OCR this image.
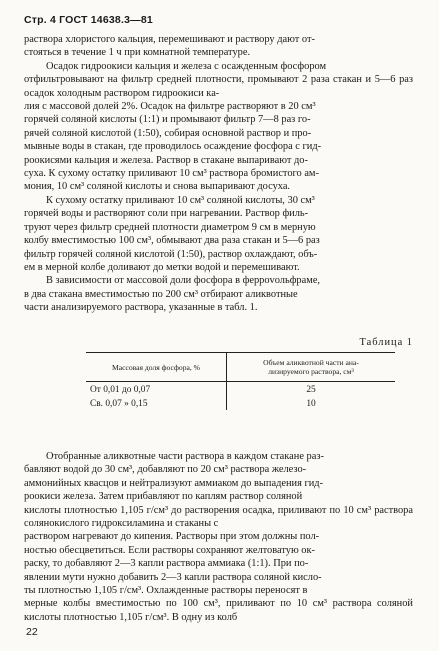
Стр. 4 ГОСТ 14638.3—81

раствора хлористого кальция, перемешивают и раствору дают от-
стояться в течение 1 ч при комнатной температуре.

Осадок гидроокиси кальция и железа с осажденным фосфором
отфильтровывают на фильтр средней плотности, промывают 2 раза стакан и 5—6 раз осадок холодным раствором гидроокиси ка-
лия с массовой долей 2%. Осадок на фильтре растворяют в 20 см³
горячей соляной кислоты (1:1) и промывают фильтр 7—8 раз го-
рячей соляной кислотой (1:50), собирая основной раствор и про-
мывные воды в стакан, где проводилось осаждение фосфора с гид-
роокисями кальция и железа. Раствор в стакане выпаривают до-
суха. К сухому остатку приливают 10 см³ раствора бромистого ам-
мония, 10 см³ соляной кислоты и снова выпаривают досуха.

К сухому остатку приливают 10 см³ соляной кислоты, 30 см³
горячей воды и растворяют соли при нагревании. Раствор филь-
труют через фильтр средней плотности диаметром 9 см в мерную
колбу вместимостью 100 см³, обмывают два раза стакан и 5—6 раз
фильтр горячей соляной кислотой (1:50), раствор охлаждают, объ-
ем в мерной колбе доливают до метки водой и перемешивают.

В зависимости от массовой доли фосфора в феррovольфраме,
в два стакана вместимостью по 200 см³ отбирают аликвотные
части анализируемого раствора, указанные в табл. 1.

Таблица 1
Массовая доля фосфора, %	Объем аликвотной части ана-
лизируемого раствора, см³
От 0,01 до 0,07	25
Св. 0,07 » 0,15	10

Отобранные аликвотные части раствора в каждом стакане раз-
бавляют водой до 30 см³, добавляют по 20 см³ раствора железо-
аммонийных квасцов и нейтрализуют аммиаком до выпадения гид-
роокиси железа. Затем прибавляют по каплям раствор соляной
кислоты плотностью 1,105 г/см³ до растворения осадка, приливают по 10 см³ раствора солянокислого гидроксиламина и стаканы с
раствором нагревают до кипения. Растворы при этом должны пол-
ностью обесцветиться. Если растворы сохраняют желтоватую ок-
раску, то добавляют 2—3 капли раствора аммиака (1:1). При по-
явлении мути нужно добавить 2—3 капли раствора соляной кисло-
ты плотностью 1,105 г/см³. Охлажденные растворы переносят в
мерные колбы вместимостью по 100 см³, приливают по 10 см³ раствора соляной кислоты плотностью 1,105 г/см³. В одну из колб

22
